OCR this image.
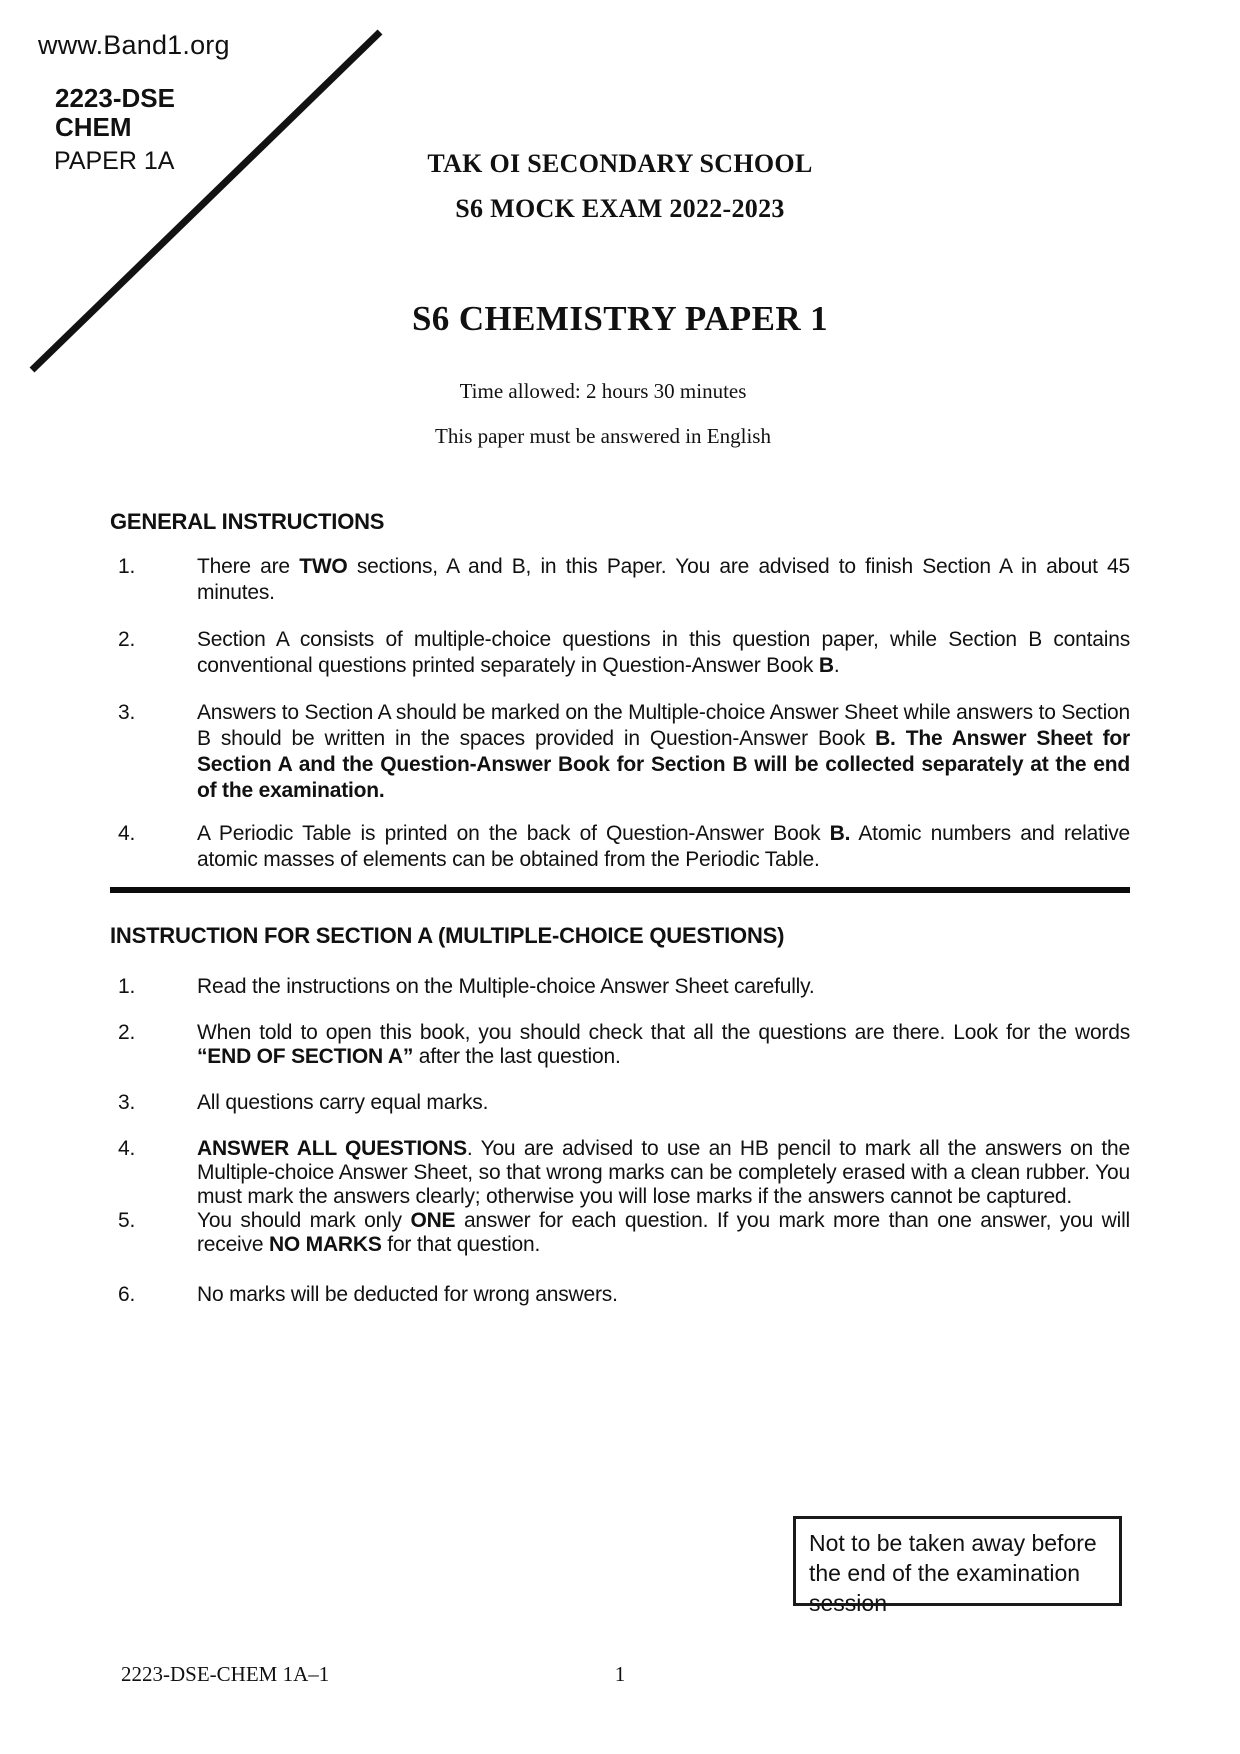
www.Band1.org
2223-DSE
CHEM
PAPER 1A	TAK OI SECONDARY SCHOOL
S6 MOCK EXAM 2022-2023
S6 CHEMISTRY PAPER 1
Time allowed: 2 hours 30 minutes
This paper must be answered in English
GENERAL INSTRUCTIONS
1.	There are TWO sections, A and B, in this Paper. You are advised to finish Section A in about 45 minutes.
2.	Section A consists of multiple-choice questions in this question paper, while Section B contains conventional questions printed separately in Question-Answer Book B.
3.	Answers to Section A should be marked on the Multiple-choice Answer Sheet while answers to Section B should be written in the spaces provided in Question-Answer Book B. The Answer Sheet for Section A and the Question-Answer Book for Section B will be collected separately at the end of the examination.
4.	A Periodic Table is printed on the back of Question-Answer Book B. Atomic numbers and relative atomic masses of elements can be obtained from the Periodic Table.
INSTRUCTION FOR SECTION A (MULTIPLE-CHOICE QUESTIONS)
1.	Read the instructions on the Multiple-choice Answer Sheet carefully.
2.	When told to open this book, you should check that all the questions are there. Look for the words “END OF SECTION A” after the last question.
3.	All questions carry equal marks.
4.	ANSWER ALL QUESTIONS. You are advised to use an HB pencil to mark all the answers on the Multiple-choice Answer Sheet, so that wrong marks can be completely erased with a clean rubber. You must mark the answers clearly; otherwise you will lose marks if the answers cannot be captured.
5.	You should mark only ONE answer for each question. If you mark more than one answer, you will receive NO MARKS for that question.
6.	No marks will be deducted for wrong answers.
Not to be taken away before the end of the examination session
2223-DSE-CHEM 1A–1	1
